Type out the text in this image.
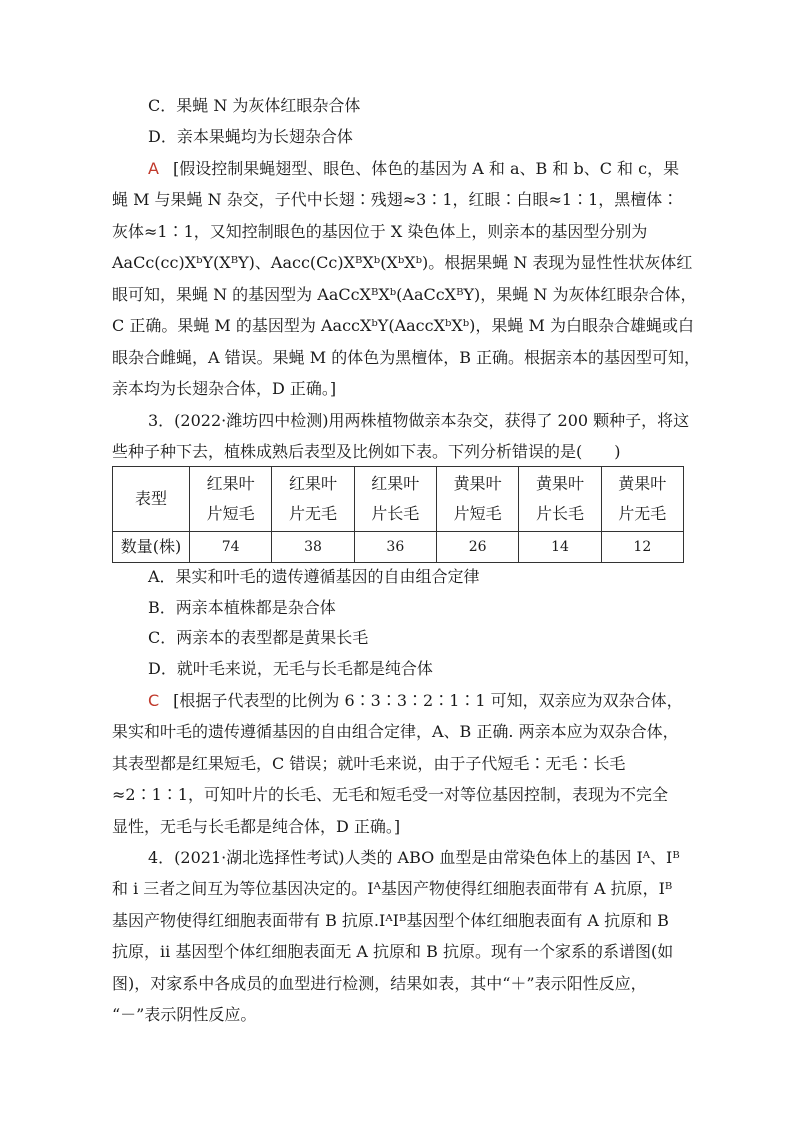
C．果蝇 N 为灰体红眼杂合体
D．亲本果蝇均为长翅杂合体
A [假设控制果蝇翅型、眼色、体色的基因为 A 和 a、B 和 b、C 和 c，果
蝇 M 与果蝇 N 杂交，子代中长翅∶残翅≈3∶1，红眼∶白眼≈1∶1，黑檀体∶
灰体≈1∶1，又知控制眼色的基因位于 X 染色体上，则亲本的基因型分别为
AaCc(cc)XᵇY(XᴮY)、Aacc(Cc)XᴮXᵇ(XᵇXᵇ)。根据果蝇 N 表现为显性性状灰体红
眼可知，果蝇 N 的基因型为 AaCcXᴮXᵇ(AaCcXᴮY)，果蝇 N 为灰体红眼杂合体，
C 正确。果蝇 M 的基因型为 AaccXᵇY(AaccXᵇXᵇ)，果蝇 M 为白眼杂合雄蝇或白
眼杂合雌蝇，A 错误。果蝇 M 的体色为黑檀体，B 正确。根据亲本的基因型可知，
亲本均为长翅杂合体，D 正确。]
3．(2022·潍坊四中检测)用两株植物做亲本杂交，获得了 200 颗种子，将这
些种子种下去，植株成熟后表型及比例如下表。下列分析错误的是(　　)
表型	红果叶片短毛	红果叶片无毛	红果叶片长毛	黄果叶片短毛	黄果叶片长毛	黄果叶片无毛
数量(株)	74	38	36	26	14	12
A．果实和叶毛的遗传遵循基因的自由组合定律
B．两亲本植株都是杂合体
C．两亲本的表型都是黄果长毛
D．就叶毛来说，无毛与长毛都是纯合体
C [根据子代表型的比例为 6∶3∶3∶2∶1∶1 可知，双亲应为双杂合体，
果实和叶毛的遗传遵循基因的自由组合定律，A、B 正确. 两亲本应为双杂合体，
其表型都是红果短毛，C 错误；就叶毛来说，由于子代短毛∶无毛∶长毛
≈2∶1∶1，可知叶片的长毛、无毛和短毛受一对等位基因控制，表现为不完全
显性，无毛与长毛都是纯合体，D 正确。]
4．(2021·湖北选择性考试)人类的 ABO 血型是由常染色体上的基因 Iᴬ、Iᴮ
和 i 三者之间互为等位基因决定的。Iᴬ基因产物使得红细胞表面带有 A 抗原，Iᴮ
基因产物使得红细胞表面带有 B 抗原.IᴬIᴮ基因型个体红细胞表面有 A 抗原和 B
抗原，ii 基因型个体红细胞表面无 A 抗原和 B 抗原。现有一个家系的系谱图(如
图)，对家系中各成员的血型进行检测，结果如表，其中“＋”表示阳性反应，
“－”表示阴性反应。
